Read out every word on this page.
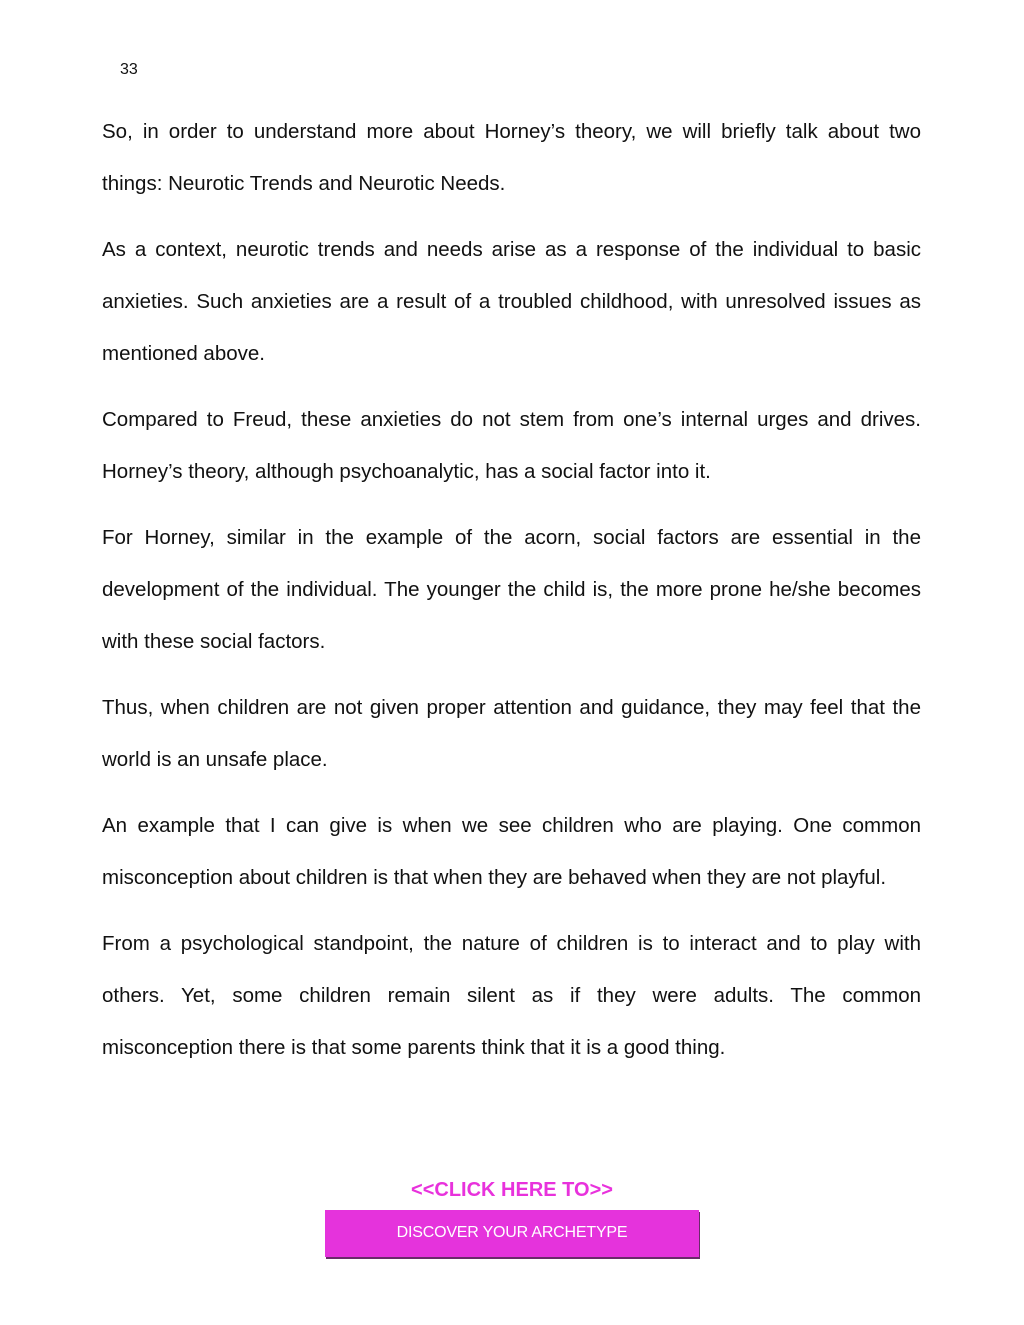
33

So, in order to understand more about Horney’s theory, we will briefly talk about two things: Neurotic Trends and Neurotic Needs.

As a context, neurotic trends and needs arise as a response of the individual to basic anxieties. Such anxieties are a result of a troubled childhood, with unresolved issues as mentioned above.

Compared to Freud, these anxieties do not stem from one’s internal urges and drives. Horney’s theory, although psychoanalytic, has a social factor into it.

For Horney, similar in the example of the acorn, social factors are essential in the development of the individual. The younger the child is, the more prone he/she becomes with these social factors.

Thus, when children are not given proper attention and guidance, they may feel that the world is an unsafe place.

An example that I can give is when we see children who are playing. One common misconception about children is that when they are behaved when they are not playful.

From a psychological standpoint, the nature of children is to interact and to play with others. Yet, some children remain silent as if they were adults. The common misconception there is that some parents think that it is a good thing.

<<CLICK HERE TO>>
DISCOVER YOUR ARCHETYPE
